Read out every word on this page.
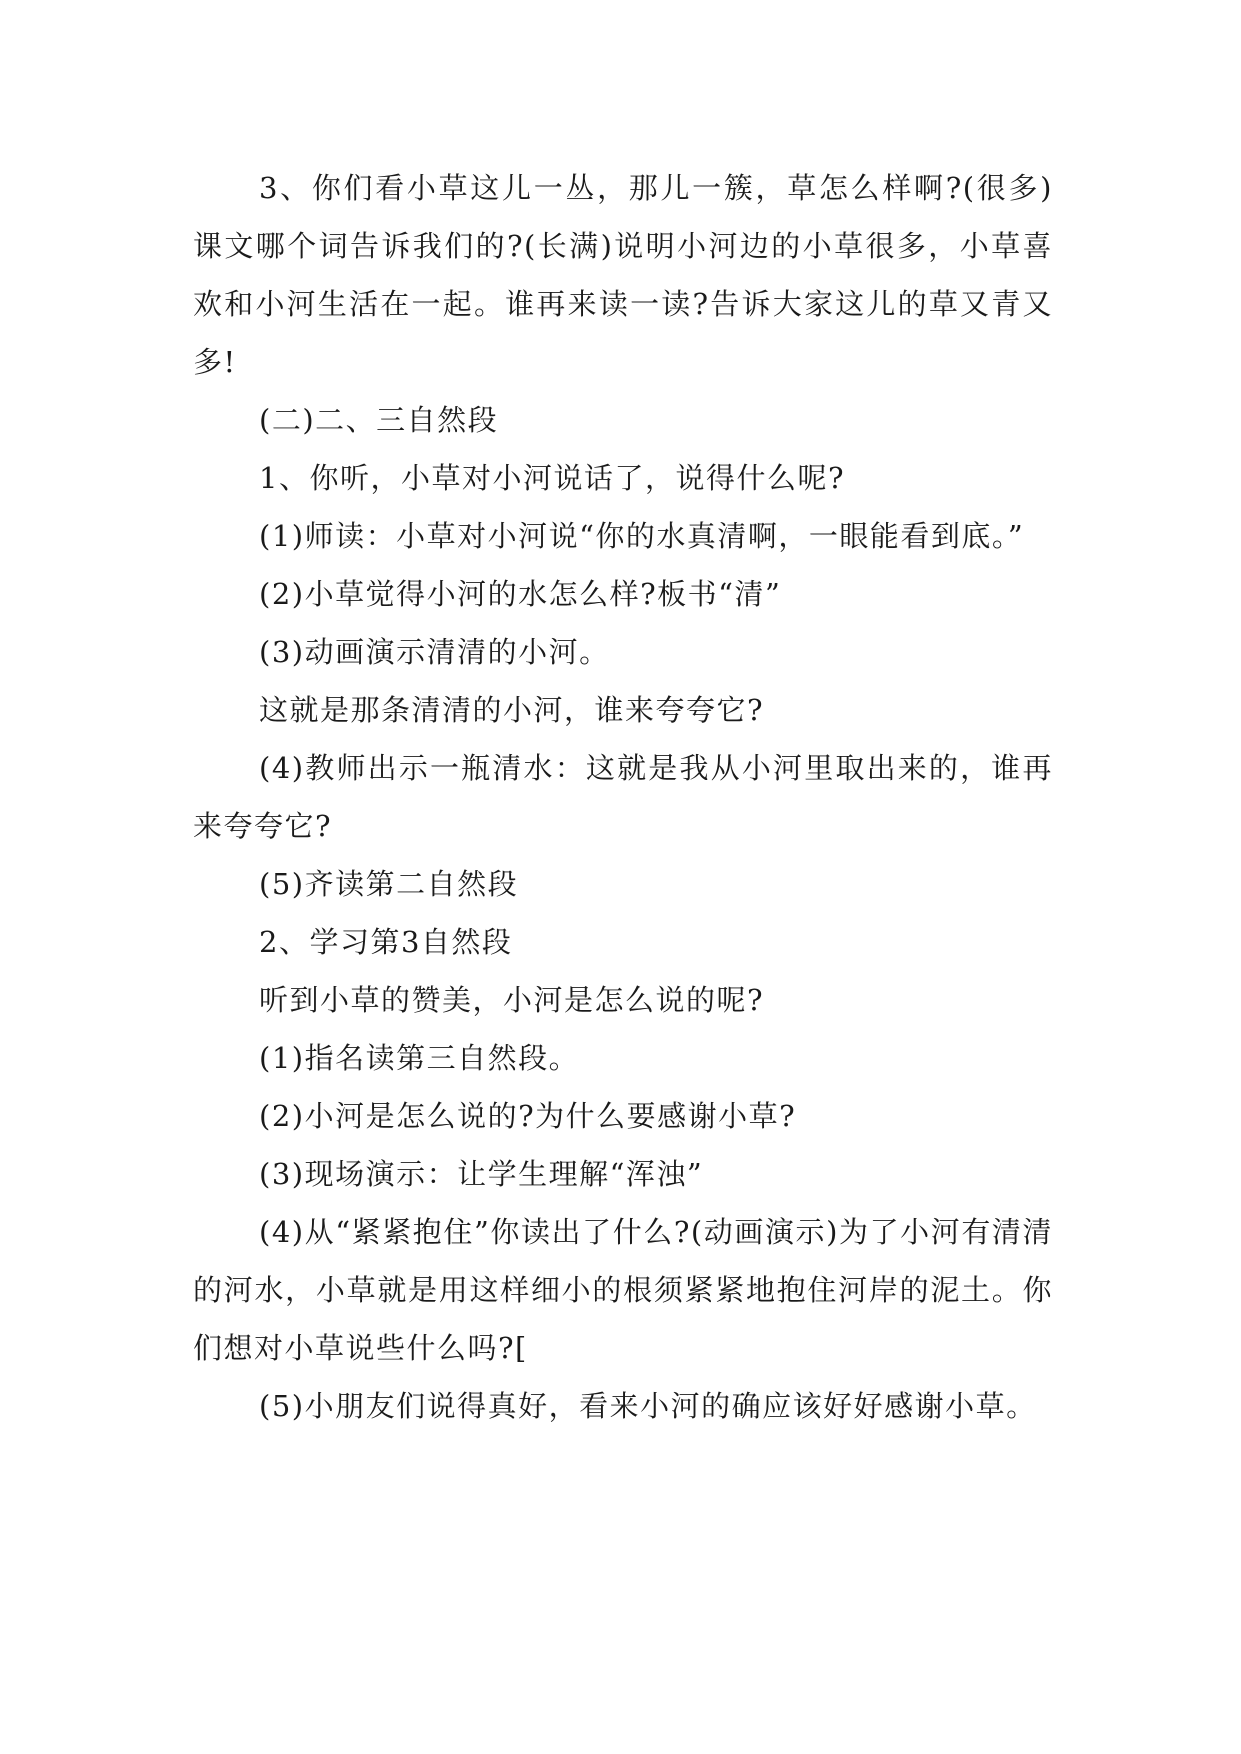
3、你们看小草这儿一丛，那儿一簇，草怎么样啊?(很多)课文哪个词告诉我们的?(长满)说明小河边的小草很多，小草喜欢和小河生活在一起。谁再来读一读?告诉大家这儿的草又青又多!

(二)二、三自然段

1、你听，小草对小河说话了，说得什么呢?

(1)师读：小草对小河说“你的水真清啊，一眼能看到底。”

(2)小草觉得小河的水怎么样?板书“清”

(3)动画演示清清的小河。

这就是那条清清的小河，谁来夸夸它?

(4)教师出示一瓶清水：这就是我从小河里取出来的，谁再来夸夸它?

(5)齐读第二自然段

2、学习第3自然段

听到小草的赞美，小河是怎么说的呢?

(1)指名读第三自然段。

(2)小河是怎么说的?为什么要感谢小草?

(3)现场演示：让学生理解“浑浊”

(4)从“紧紧抱住”你读出了什么?(动画演示)为了小河有清清的河水，小草就是用这样细小的根须紧紧地抱住河岸的泥土。你们想对小草说些什么吗?[

(5)小朋友们说得真好，看来小河的确应该好好感谢小草。
